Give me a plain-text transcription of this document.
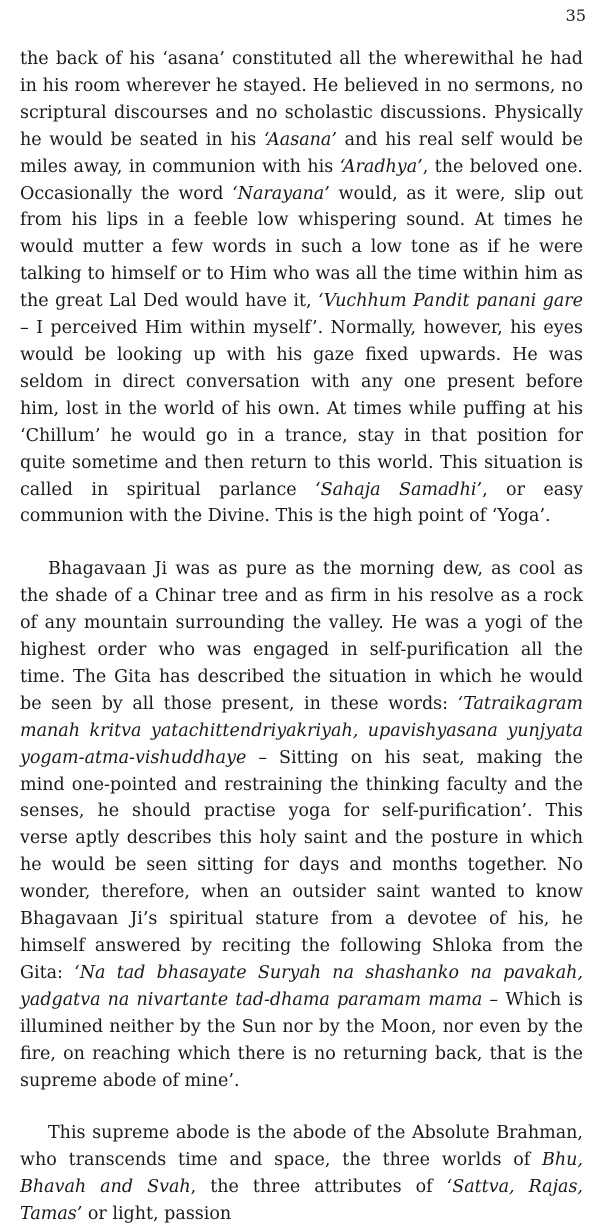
35

the back of his ‘asana’ constituted all the wherewithal he had in his room wherever he stayed. He believed in no sermons, no scriptural discourses and no scholastic discussions. Physically he would be seated in his ‘Aasana’ and his real self would be miles away, in communion with his ‘Aradhya’, the beloved one. Occasionally the word ‘Narayana’ would, as it were, slip out from his lips in a feeble low whispering sound. At times he would mutter a few words in such a low tone as if he were talking to himself or to Him who was all the time within him as the great Lal Ded would have it, ‘Vuchhum Pandit panani gare – I perceived Him within myself’. Normally, however, his eyes would be looking up with his gaze fixed upwards. He was seldom in direct conversation with any one present before him, lost in the world of his own. At times while puffing at his ‘Chillum’ he would go in a trance, stay in that position for quite sometime and then return to this world. This situation is called in spiritual parlance ‘Sahaja Samadhi’, or easy communion with the Divine. This is the high point of ‘Yoga’.

Bhagavaan Ji was as pure as the morning dew, as cool as the shade of a Chinar tree and as firm in his resolve as a rock of any mountain surrounding the valley. He was a yogi of the highest order who was engaged in self-purification all the time. The Gita has described the situation in which he would be seen by all those present, in these words: ‘Tatraikagram manah kritva yatachittendriyakriyah, upavishyasana yunjyata yogam-atma-vishuddhaye – Sitting on his seat, making the mind one-pointed and restraining the thinking faculty and the senses, he should practise yoga for self-purification’. This verse aptly describes this holy saint and the posture in which he would be seen sitting for days and months together. No wonder, therefore, when an outsider saint wanted to know Bhagavaan Ji’s spiritual stature from a devotee of his, he himself answered by reciting the following Shloka from the Gita: ‘Na tad bhasayate Suryah na shashanko na pavakah, yadgatva na nivartante tad-dhama paramam mama – Which is illumined neither by the Sun nor by the Moon, nor even by the fire, on reaching which there is no returning back, that is the supreme abode of mine’.

This supreme abode is the abode of the Absolute Brahman, who transcends time and space, the three worlds of Bhu, Bhavah and Svah, the three attributes of ‘Sattva, Rajas, Tamas’ or light, passion
